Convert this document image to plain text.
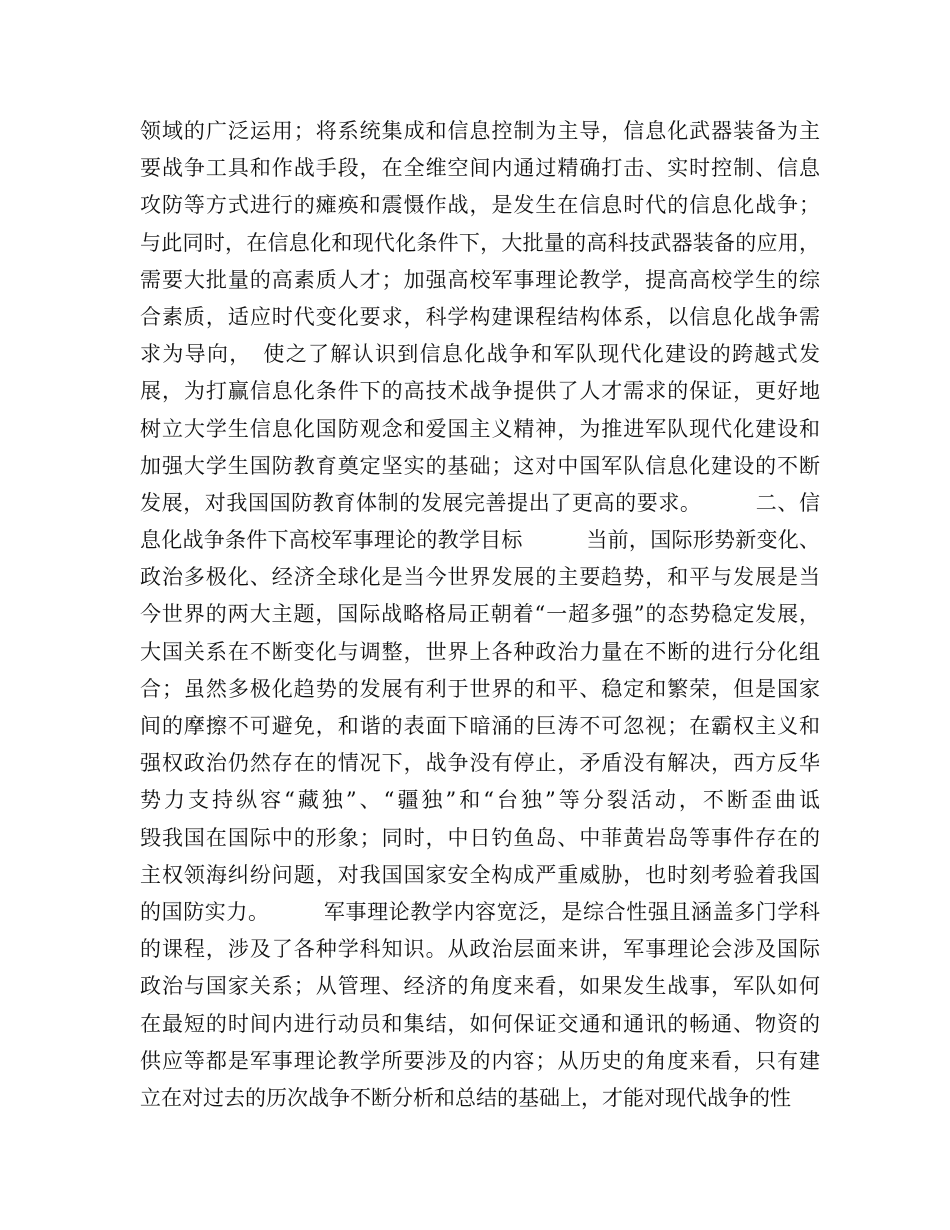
领域的广泛运用；将系统集成和信息控制为主导，信息化武器装备为主
要战争工具和作战手段，在全维空间内通过精确打击、实时控制、信息
攻防等方式进行的瘫痪和震慑作战，是发生在信息时代的信息化战争；
与此同时，在信息化和现代化条件下，大批量的高科技武器装备的应用，
需要大批量的高素质人才；加强高校军事理论教学，提高高校学生的综
合素质，适应时代变化要求，科学构建课程结构体系，以信息化战争需
求为导向，　使之了解认识到信息化战争和军队现代化建设的跨越式发
展，为打赢信息化条件下的高技术战争提供了人才需求的保证，更好地
树立大学生信息化国防观念和爱国主义精神，为推进军队现代化建设和
加强大学生国防教育奠定坚实的基础；这对中国军队信息化建设的不断
发展，对我国国防教育体制的发展完善提出了更高的要求。　　　二、信
息化战争条件下高校军事理论的教学目标　　　当前，国际形势新变化、
政治多极化、经济全球化是当今世界发展的主要趋势，和平与发展是当
今世界的两大主题，国际战略格局正朝着“一超多强”的态势稳定发展，
大国关系在不断变化与调整，世界上各种政治力量在不断的进行分化组
合；虽然多极化趋势的发展有利于世界的和平、稳定和繁荣，但是国家
间的摩擦不可避免，和谐的表面下暗涌的巨涛不可忽视；在霸权主义和
强权政治仍然存在的情况下，战争没有停止，矛盾没有解决，西方反华
势力支持纵容“藏独”、“疆独”和“台独”等分裂活动，不断歪曲诋
毁我国在国际中的形象；同时，中日钓鱼岛、中菲黄岩岛等事件存在的
主权领海纠纷问题，对我国国家安全构成严重威胁，也时刻考验着我国
的国防实力。　　　军事理论教学内容宽泛，是综合性强且涵盖多门学科
的课程，涉及了各种学科知识。从政治层面来讲，军事理论会涉及国际
政治与国家关系；从管理、经济的角度来看，如果发生战事，军队如何
在最短的时间内进行动员和集结，如何保证交通和通讯的畅通、物资的
供应等都是军事理论教学所要涉及的内容；从历史的角度来看，只有建
立在对过去的历次战争不断分析和总结的基础上，才能对现代战争的性
